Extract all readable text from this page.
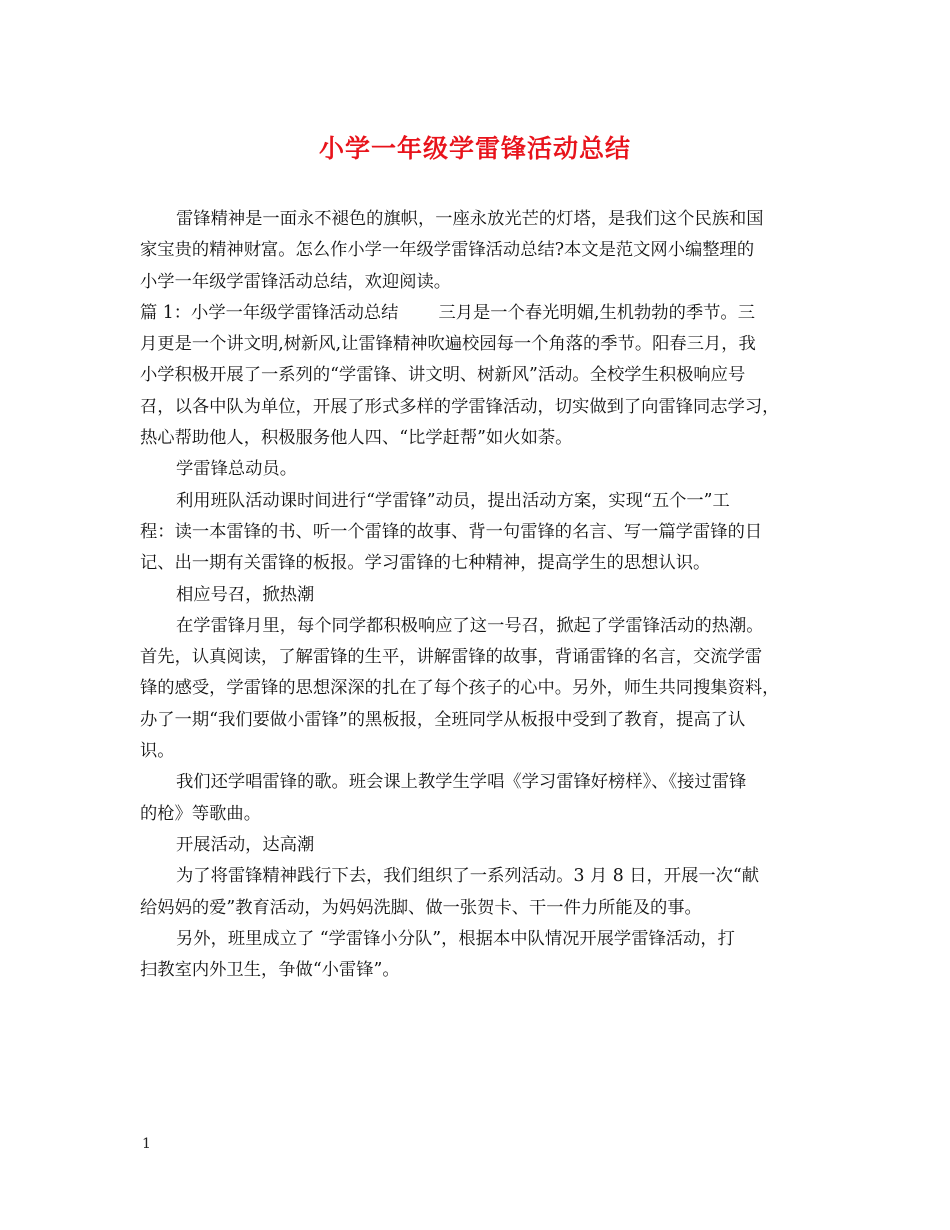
小学一年级学雷锋活动总结
雷锋精神是一面永不褪色的旗帜，一座永放光芒的灯塔，是我们这个民族和国
家宝贵的精神财富。怎么作小学一年级学雷锋活动总结?本文是范文网小编整理的
小学一年级学雷锋活动总结，欢迎阅读。
篇 1：小学一年级学雷锋活动总结 三月是一个春光明媚,生机勃勃的季节。三
月更是一个讲文明,树新风,让雷锋精神吹遍校园每一个角落的季节。阳春三月，我
小学积极开展了一系列的“学雷锋、讲文明、树新风”活动。全校学生积极响应号
召，以各中队为单位，开展了形式多样的学雷锋活动，切实做到了向雷锋同志学习，
热心帮助他人，积极服务他人四、“比学赶帮”如火如荼。
学雷锋总动员。
利用班队活动课时间进行“学雷锋”动员，提出活动方案，实现“五个一”工
程：读一本雷锋的书、听一个雷锋的故事、背一句雷锋的名言、写一篇学雷锋的日
记、出一期有关雷锋的板报。学习雷锋的七种精神，提高学生的思想认识。
相应号召，掀热潮
在学雷锋月里，每个同学都积极响应了这一号召，掀起了学雷锋活动的热潮。
首先，认真阅读，了解雷锋的生平，讲解雷锋的故事，背诵雷锋的名言，交流学雷
锋的感受，学雷锋的思想深深的扎在了每个孩子的心中。另外，师生共同搜集资料，
办了一期“我们要做小雷锋”的黑板报，全班同学从板报中受到了教育，提高了认
识。
我们还学唱雷锋的歌。班会课上教学生学唱《学习雷锋好榜样》、《接过雷锋
的枪》等歌曲。
开展活动，达高潮
为了将雷锋精神践行下去，我们组织了一系列活动。3 月 8 日，开展一次“献
给妈妈的爱”教育活动，为妈妈洗脚、做一张贺卡、干一件力所能及的事。
另外，班里成立了 “学雷锋小分队”，根据本中队情况开展学雷锋活动，打
扫教室内外卫生，争做“小雷锋”。
1
